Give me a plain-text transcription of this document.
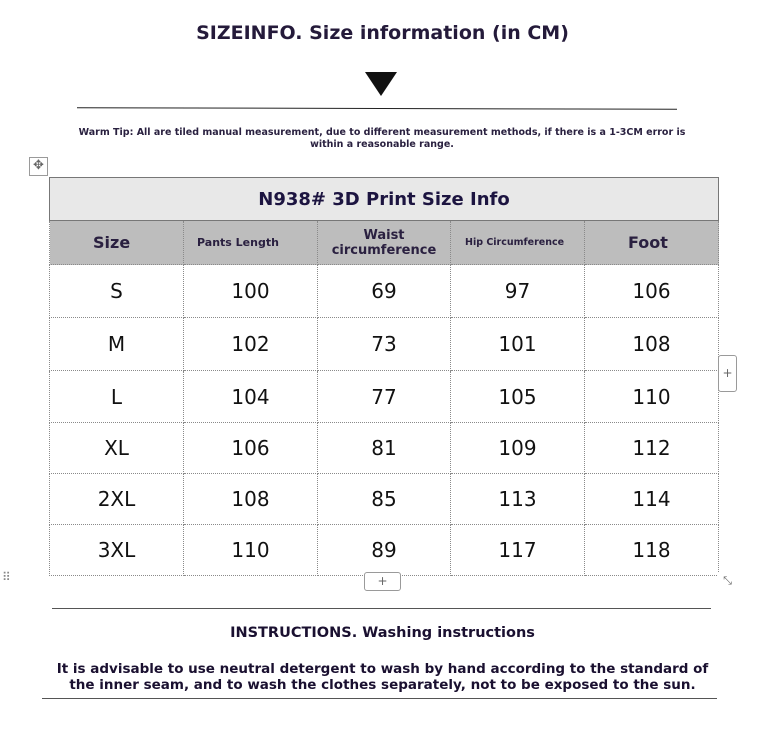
SIZEINFO. Size information (in CM)
Warm Tip: All are tiled manual measurement, due to different measurement methods, if there is a 1-3CM error is within a reasonable range.
✥
N938# 3D Print Size Info				
Size	Pants Length	Waist circumference	Hip Circumference	Foot
S	100	69	97	106
M	102	73	101	108
L	104	77	105	110
XL	106	81	109	112
2XL	108	85	113	114
3XL	110	89	117	118
+
+	⤡
⠿
INSTRUCTIONS. Washing instructions
It is advisable to use neutral detergent to wash by hand according to the standard of the inner seam, and to wash the clothes separately, not to be exposed to the sun.
